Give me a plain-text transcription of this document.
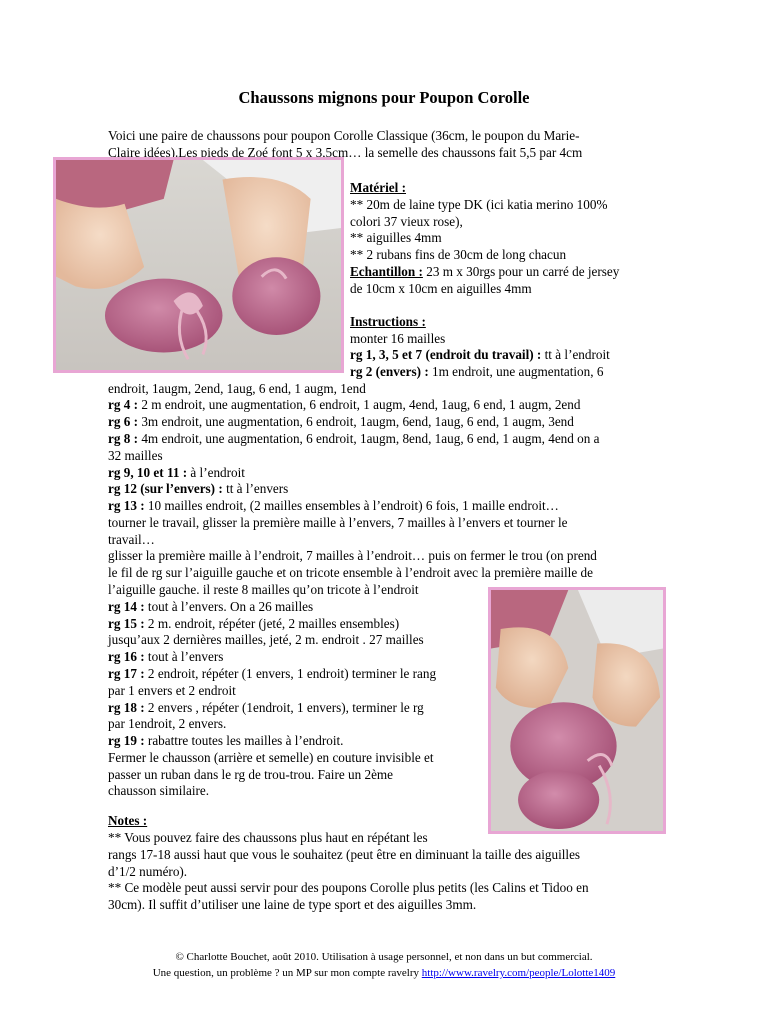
Chaussons mignons pour Poupon Corolle
Voici une paire de chaussons pour poupon Corolle Classique (36cm, le poupon du Marie-
Claire idées).Les pieds de Zoé font 5 x 3,5cm… la semelle des chaussons fait 5,5 par 4cm
Matériel :
** 20m de laine type DK (ici katia merino 100%
colori 37 vieux rose),
** aiguilles 4mm
** 2 rubans fins de 30cm de long chacun
Echantillon : 23 m x 30rgs pour un carré de jersey
de 10cm x 10cm en aiguilles 4mm
Instructions :
monter 16 mailles
rg 1, 3, 5 et 7 (endroit du travail) : tt à l’endroit
rg 2 (envers) : 1m endroit, une augmentation, 6
endroit, 1augm, 2end, 1aug, 6 end, 1 augm, 1end
rg 4 : 2 m endroit, une augmentation, 6 endroit, 1 augm, 4end, 1aug, 6 end, 1 augm, 2end
rg 6 : 3m endroit, une augmentation, 6 endroit, 1augm, 6end, 1aug, 6 end, 1 augm, 3end
rg 8 : 4m endroit, une augmentation, 6 endroit, 1augm, 8end, 1aug, 6 end, 1 augm, 4end on a
32 mailles
rg 9, 10 et 11 : à l’endroit
rg 12 (sur l’envers) : tt à l’envers
rg 13 : 10 mailles endroit, (2 mailles ensembles à l’endroit) 6 fois, 1 maille endroit…
tourner le travail, glisser la première maille à l’envers, 7 mailles à l’envers et tourner le
travail…
glisser la première maille à l’endroit, 7 mailles à l’endroit… puis on fermer le trou (on prend
le fil de rg sur l’aiguille gauche et on tricote ensemble à l’endroit avec la première maille de
l’aiguille gauche. il reste 8 mailles qu’on tricote à l’endroit
rg 14 : tout à l’envers. On a 26 mailles
rg 15 : 2 m. endroit, répéter (jeté, 2 mailles ensembles)
jusqu’aux 2 dernières mailles, jeté, 2 m. endroit . 27 mailles
rg 16 : tout à l’envers
rg 17 : 2 endroit, répéter (1 envers, 1 endroit) terminer le rang
par 1 envers et 2 endroit
rg 18 : 2 envers , répéter (1endroit, 1 envers), terminer le rg
par 1endroit, 2 envers.
rg 19 : rabattre toutes les mailles à l’endroit.
Fermer le chausson (arrière et semelle) en couture invisible et
passer un ruban dans le rg de trou-trou. Faire un 2ème
chausson similaire.
Notes :
** Vous pouvez faire des chaussons plus haut en répétant les
rangs 17-18 aussi haut que vous le souhaitez (peut être en diminuant la taille des aiguilles
d’1/2 numéro).
** Ce modèle peut aussi servir pour des poupons Corolle plus petits (les Calins et Tidoo en
30cm). Il suffit d’utiliser une laine de type sport et des aiguilles 3mm.
© Charlotte Bouchet, août 2010. Utilisation à usage personnel, et non dans un but commercial.
Une question, un problème ? un MP sur mon compte ravelry http://www.ravelry.com/people/Lolotte1409
